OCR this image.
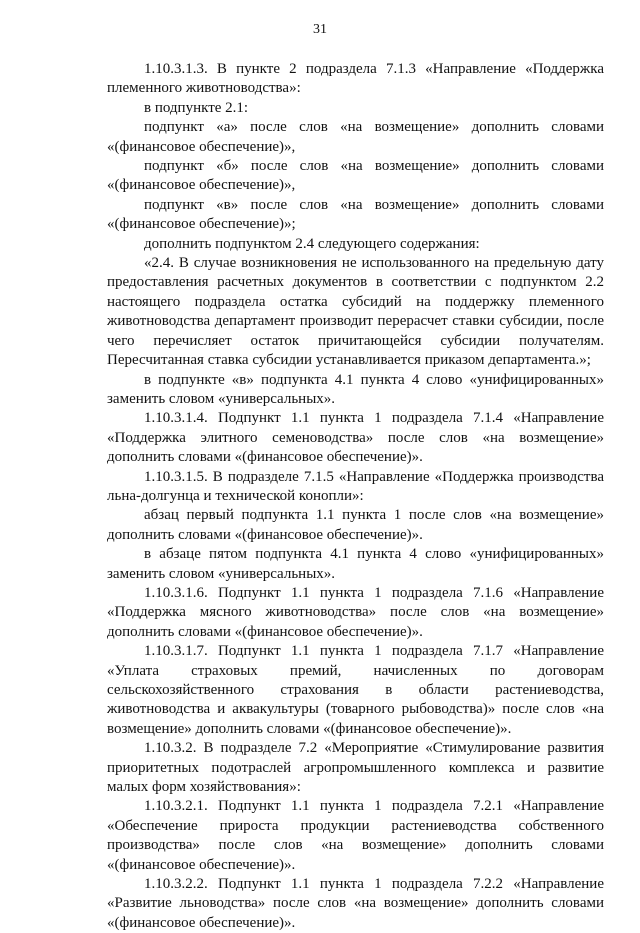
31

1.10.3.1.3. В пункте 2 подраздела 7.1.3 «Направление «Поддержка племенного животноводства»:

в подпункте 2.1:

подпункт «а» после слов «на возмещение» дополнить словами «(финансовое обеспечение)»,

подпункт «б» после слов «на возмещение» дополнить словами «(финансовое обеспечение)»,

подпункт «в» после слов «на возмещение» дополнить словами «(финансовое обеспечение)»;

дополнить подпунктом 2.4 следующего содержания:

«2.4. В случае возникновения не использованного на предельную дату предоставления расчетных документов в соответствии с подпунктом 2.2 настоящего подраздела остатка субсидий на поддержку племенного животноводства департамент производит перерасчет ставки субсидии, после чего перечисляет остаток причитающейся субсидии получателям. Пересчитанная ставка субсидии устанавливается приказом департамента.»;

в подпункте «в» подпункта 4.1 пункта 4 слово «унифицированных» заменить словом «универсальных».

1.10.3.1.4. Подпункт 1.1 пункта 1 подраздела 7.1.4 «Направление «Поддержка элитного семеноводства» после слов «на возмещение» дополнить словами «(финансовое обеспечение)».

1.10.3.1.5. В подразделе 7.1.5 «Направление «Поддержка производства льна-долгунца и технической конопли»:

абзац первый подпункта 1.1 пункта 1 после слов «на возмещение» дополнить словами «(финансовое обеспечение)».

в абзаце пятом подпункта 4.1 пункта 4 слово «унифицированных» заменить словом «универсальных».

1.10.3.1.6. Подпункт 1.1 пункта 1 подраздела 7.1.6 «Направление «Поддержка мясного животноводства» после слов «на возмещение» дополнить словами «(финансовое обеспечение)».

1.10.3.1.7. Подпункт 1.1 пункта 1 подраздела 7.1.7 «Направление «Уплата страховых премий, начисленных по договорам сельскохозяйственного страхования в области растениеводства, животноводства и аквакультуры (товарного рыбоводства)» после слов «на возмещение» дополнить словами «(финансовое обеспечение)».

1.10.3.2. В подразделе 7.2 «Мероприятие «Стимулирование развития приоритетных подотраслей агропромышленного комплекса и развитие малых форм хозяйствования»:

1.10.3.2.1. Подпункт 1.1 пункта 1 подраздела 7.2.1 «Направление «Обеспечение прироста продукции растениеводства собственного производства» после слов «на возмещение» дополнить словами «(финансовое обеспечение)».

1.10.3.2.2. Подпункт 1.1 пункта 1 подраздела 7.2.2 «Направление «Развитие льноводства» после слов «на возмещение» дополнить словами «(финансовое обеспечение)».
